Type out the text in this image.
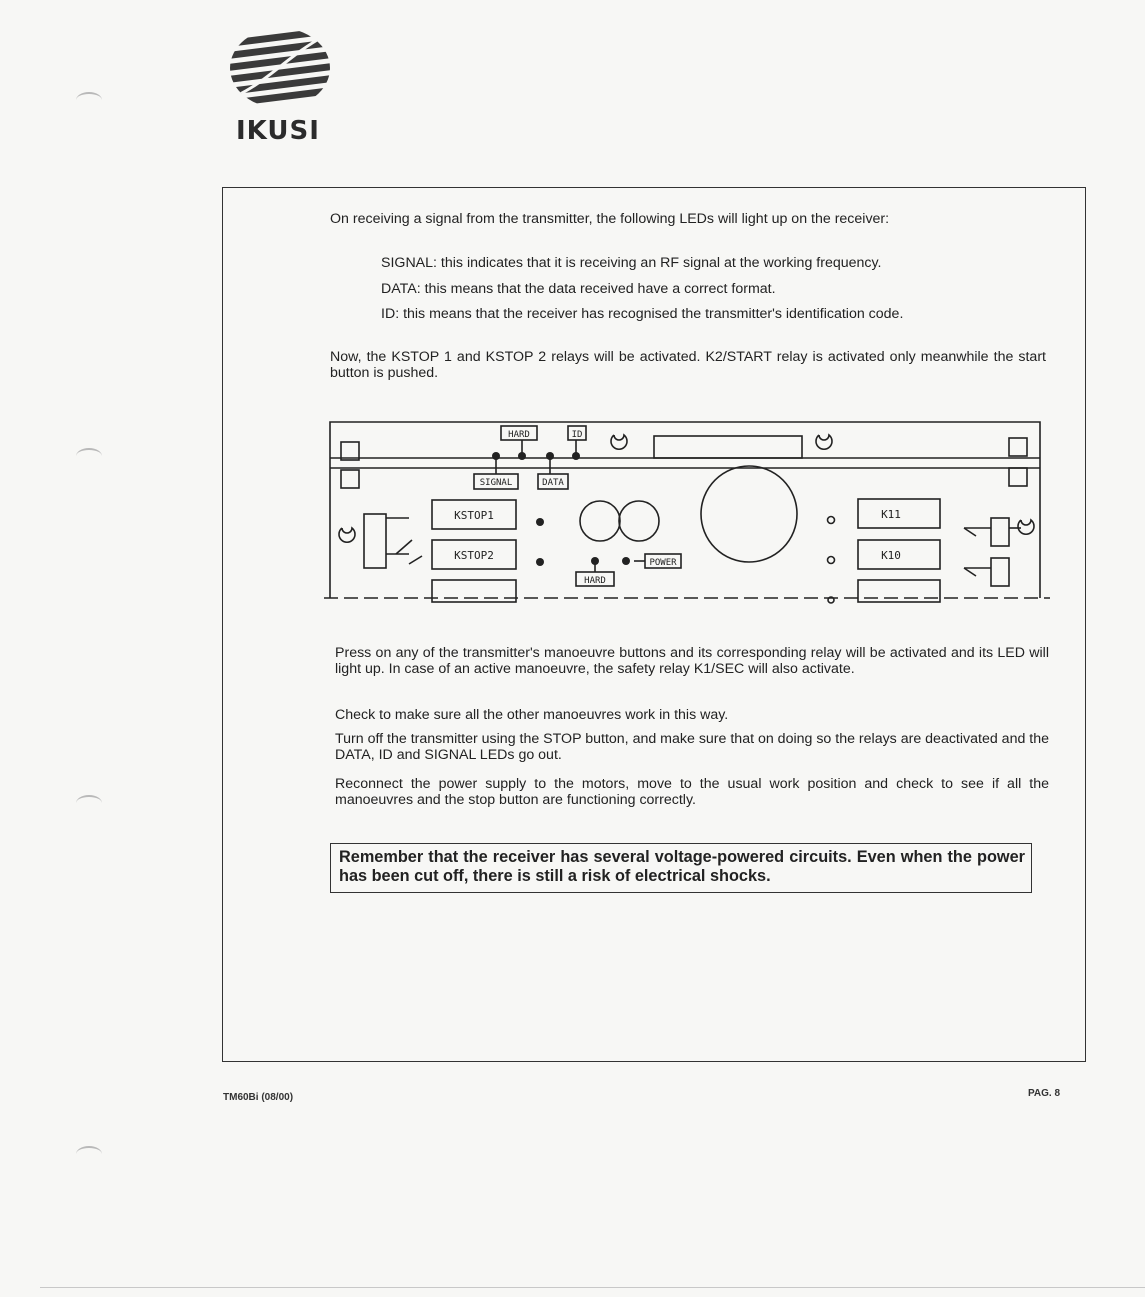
IKUSI

On receiving a signal from the transmitter, the following LEDs will light up on the receiver:

SIGNAL: this indicates that it is receiving an RF signal at the working frequency.

DATA: this means that the data received have a correct format.

ID: this means that the receiver has recognised the transmitter's identification code.

Now, the KSTOP 1 and KSTOP 2 relays will be activated. K2/START relay is activated only meanwhile the start button is pushed.

HARD	ID
SIGNAL	DATA
POWER
HARD
KSTOP1
KSTOP2
K11
K10

Press on any of the transmitter's manoeuvre buttons and its corresponding relay will be activated and its LED will light up. In case of an active manoeuvre, the safety relay K1/SEC will also activate.

Check to make sure all the other manoeuvres work in this way.

Turn off the transmitter using the STOP button, and make sure that on doing so the relays are deactivated and the DATA, ID and SIGNAL LEDs go out.

Reconnect the power supply to the motors, move to the usual work position and check to see if all the manoeuvres and the stop button are functioning correctly.

Remember that the receiver has several voltage-powered circuits. Even when the power has been cut off, there is still a risk of electrical shocks.
TM60Bi (08/00)	PAG. 8
